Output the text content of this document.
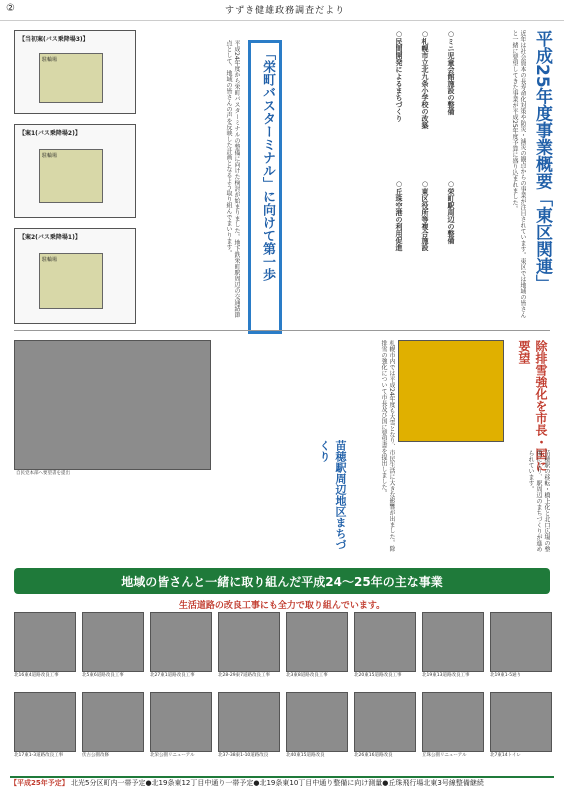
②	すずき健雄政務調査だより
平成25年度事業概要「東区関連」
近年は社会資本の長寿命化対策や防災・減災の観点からの事業が注目されています。東区では地域の皆さんと一緒に要望してきた事業が平成25年度予算に盛り込まれました。
○ミニ児童会館施設の整備
○札幌市立北九条小学校の改築
○民間開発によるまちづくり
○栄町駅周辺の整備
○東区役所等複合施設
○丘珠空港の利用促進
「栄町バスターミナル」に向けて第一歩
平成24年度から栄町バスターミナルの整備に向けた検討が始まりました。地下鉄栄町駅周辺の交通結節点として、地域の皆さんの声を反映した計画となるよう取り組んでまいります。
【当初案(バス乗降場3)】
駐輪場
【案1(バス乗降場2)】
駐輪場
【案2(バス乗降場1)】
駐輪場
自民党本部へ要望書を提出	札幌市内では平成24年度も大雪となり、市民生活に大きな影響が出ました。除排雪の強化について市長及び国に要望書を提出しました。	除排雪強化を市長・国に要望
苗穂駅周辺地区まちづくり	苗穂駅の移転・橋上化と北口広場の整備により、駅周辺のまちづくりが進められています。
地域の皆さんと一緒に取り組んだ平成24～25年の主な事業
生活道路の改良工事にも全力で取り組んでいます。
北16東4道路改良工事	北5東6道路改良工事	北27東1道路改良工事	北28-29東7道路改良工事	北3東8道路改良工事	北20東15道路改良工事	北19東13道路改良工事	北19東1-5通り
北17東1-3道路改良工事	伏古公園改修	北栄公園リニューアル	北37-38東1-10道路改良	北40東15道路改良	北26東16道路改良	丘珠公園リニューアル	北7東14トイレ
【平成25年予定】 北光5分区町内一帯予定●北19条東12丁目中通り一帯予定●北19条東10丁目中通り整備に向け測量●丘珠飛行場北東3号線整備継続
